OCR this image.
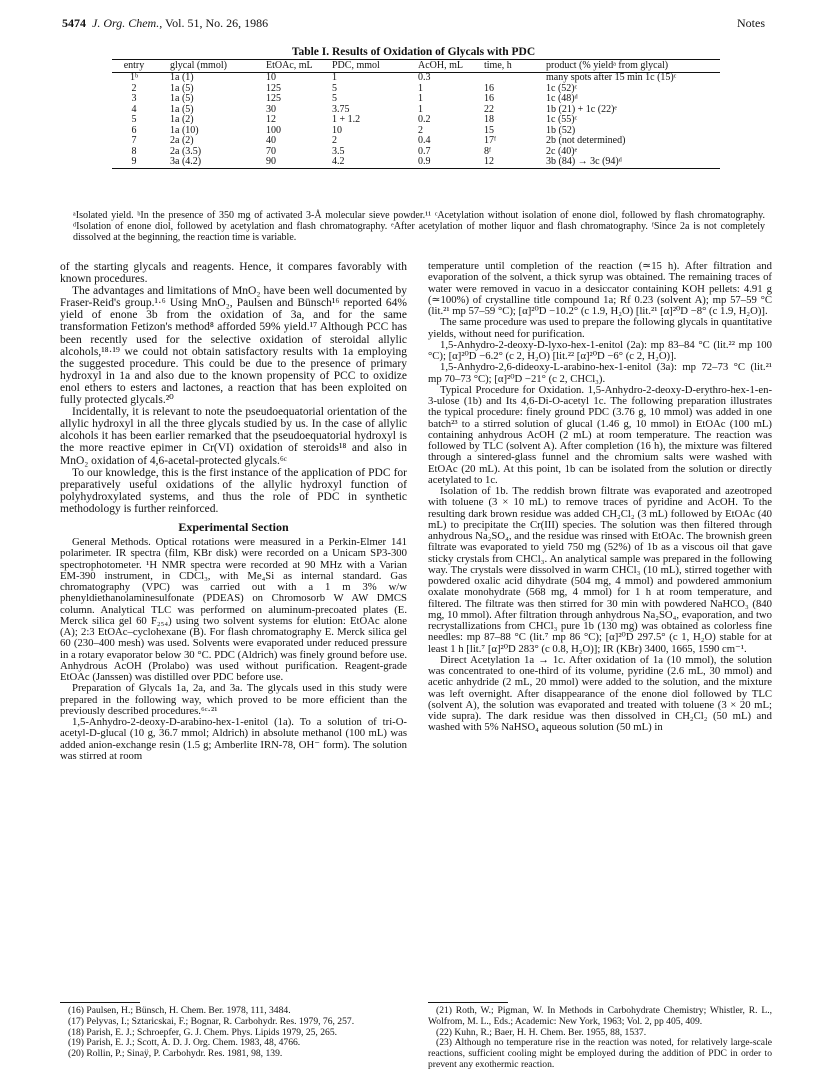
5474 J. Org. Chem., Vol. 51, No. 26, 1986	Notes
Table I. Results of Oxidation of Glycals with PDC
entry	glycal (mmol)	EtOAc, mL	PDC, mmol	AcOH, mL	time, h	product (% yieldᵃ from glycal)
1ᵇ	1a (1)	10	1	0.3		many spots after 15 min 1c (15)ᶜ
2	1a (5)	125	5	1	16	1c (52)ᶜ
3	1a (5)	125	5	1	16	1c (48)ᵈ
4	1a (5)	30	3.75	1	22	1b (21) + 1c (22)ᵉ
5	1a (2)	12	1 + 1.2	0.2	18	1c (55)ᶜ
6	1a (10)	100	10	2	15	1b (52)
7	2a (2)	40	2	0.4	17ᶠ	2b (not determined)
8	2a (3.5)	70	3.5	0.7	8ᶠ	2c (40)ᵉ
9	3a (4.2)	90	4.2	0.9	12	3b (84) → 3c (94)ᵈ
ᵃIsolated yield. ᵇIn the presence of 350 mg of activated 3-Å molecular sieve powder.¹¹ ᶜAcetylation without isolation of enone diol, followed by flash chromatography. ᵈIsolation of enone diol, followed by acetylation and flash chromatography. ᵉAfter acetylation of mother liquor and flash chromatography. ᶠSince 2a is not completely dissolved at the beginning, the reaction time is variable.

of the starting glycals and reagents. Hence, it compares favorably with known procedures.

The advantages and limitations of MnO₂ have been well documented by Fraser-Reid's group.¹·⁶ Using MnO₂, Paulsen and Bünsch¹⁶ reported 64% yield of enone 3b from the oxidation of 3a, and for the same transformation Fetizon's method⁸ afforded 59% yield.¹⁷ Although PCC has been recently used for the selective oxidation of steroidal allylic alcohols,¹⁸·¹⁹ we could not obtain satisfactory results with 1a employing the suggested procedure. This could be due to the presence of primary hydroxyl in 1a and also due to the known propensity of PCC to oxidize enol ethers to esters and lactones, a reaction that has been exploited on fully protected glycals.²⁰

Incidentally, it is relevant to note the pseudoequatorial orientation of the allylic hydroxyl in all the three glycals studied by us. In the case of allylic alcohols it has been earlier remarked that the pseudoequatorial hydroxyl is the more reactive epimer in Cr(VI) oxidation of steroids¹⁸ and also in MnO₂ oxidation of 4,6-acetal-protected glycals.⁶ᶜ

To our knowledge, this is the first instance of the application of PDC for preparatively useful oxidations of the allylic hydroxyl function of polyhydroxylated systems, and thus the role of PDC in synthetic methodology is further reinforced.

Experimental Section

General Methods. Optical rotations were measured in a Perkin-Elmer 141 polarimeter. IR spectra (film, KBr disk) were recorded on a Unicam SP3-300 spectrophotometer. ¹H NMR spectra were recorded at 90 MHz with a Varian EM-390 instrument, in CDCl₃, with Me₄Si as internal standard. Gas chromatography (VPC) was carried out with a 1 m 3% w/w phenyldiethanolaminesulfonate (PDEAS) on Chromosorb W AW DMCS column. Analytical TLC was performed on aluminum-precoated plates (E. Merck silica gel 60 F₂₅₄) using two solvent systems for elution: EtOAc alone (A); 2:3 EtOAc–cyclohexane (B). For flash chromatography E. Merck silica gel 60 (230–400 mesh) was used. Solvents were evaporated under reduced pressure in a rotary evaporator below 30 °C. PDC (Aldrich) was finely ground before use. Anhydrous AcOH (Prolabo) was used without purification. Reagent-grade EtOAc (Janssen) was distilled over PDC before use.

Preparation of Glycals 1a, 2a, and 3a. The glycals used in this study were prepared in the following way, which proved to be more efficient than the previously described procedures.⁶ᶜ·²¹

1,5-Anhydro-2-deoxy-D-arabino-hex-1-enitol (1a). To a solution of tri-O-acetyl-D-glucal (10 g, 36.7 mmol; Aldrich) in absolute methanol (100 mL) was added anion-exchange resin (1.5 g; Amberlite IRN-78, OH⁻ form). The solution was stirred at room

temperature until completion of the reaction (≃15 h). After filtration and evaporation of the solvent, a thick syrup was obtained. The remaining traces of water were removed in vacuo in a desiccator containing KOH pellets: 4.91 g (≃100%) of crystalline title compound 1a; Rf 0.23 (solvent A); mp 57–59 °C (lit.²¹ mp 57–59 °C); [α]²⁰D −10.2° (c 1.9, H₂O) [lit.²¹ [α]²⁰D −8° (c 1.9, H₂O)].

The same procedure was used to prepare the following glycals in quantitative yields, without need for purification.

1,5-Anhydro-2-deoxy-D-lyxo-hex-1-enitol (2a): mp 83–84 °C (lit.²² mp 100 °C); [α]²⁰D −6.2° (c 2, H₂O) [lit.²² [α]²⁰D −6° (c 2, H₂O)].

1,5-Anhydro-2,6-dideoxy-L-arabino-hex-1-enitol (3a): mp 72–73 °C (lit.²¹ mp 70–73 °C); [α]²⁰D −21° (c 2, CHCl₃).

Typical Procedure for Oxidation. 1,5-Anhydro-2-deoxy-D-erythro-hex-1-en-3-ulose (1b) and Its 4,6-Di-O-acetyl 1c. The following preparation illustrates the typical procedure: finely ground PDC (3.76 g, 10 mmol) was added in one batch²³ to a stirred solution of glucal (1.46 g, 10 mmol) in EtOAc (100 mL) containing anhydrous AcOH (2 mL) at room temperature. The reaction was followed by TLC (solvent A). After completion (16 h), the mixture was filtered through a sintered-glass funnel and the chromium salts were washed with EtOAc (20 mL). At this point, 1b can be isolated from the solution or directly acetylated to 1c.

Isolation of 1b. The reddish brown filtrate was evaporated and azeotroped with toluene (3 × 10 mL) to remove traces of pyridine and AcOH. To the resulting dark brown residue was added CH₂Cl₂ (3 mL) followed by EtOAc (40 mL) to precipitate the Cr(III) species. The solution was then filtered through anhydrous Na₂SO₄, and the residue was rinsed with EtOAc. The brownish green filtrate was evaporated to yield 750 mg (52%) of 1b as a viscous oil that gave sticky crystals from CHCl₃. An analytical sample was prepared in the following way. The crystals were dissolved in warm CHCl₃ (10 mL), stirred together with powdered oxalic acid dihydrate (504 mg, 4 mmol) and powdered ammonium oxalate monohydrate (568 mg, 4 mmol) for 1 h at room temperature, and filtered. The filtrate was then stirred for 30 min with powdered NaHCO₃ (840 mg, 10 mmol). After filtration through anhydrous Na₂SO₄, evaporation, and two recrystallizations from CHCl₃ pure 1b (130 mg) was obtained as colorless fine needles: mp 87–88 °C (lit.⁷ mp 86 °C); [α]²⁰D 297.5° (c 1, H₂O) stable for at least 1 h [lit.⁷ [α]²⁰D 283° (c 0.8, H₂O)]; IR (KBr) 3400, 1665, 1590 cm⁻¹.

Direct Acetylation 1a → 1c. After oxidation of 1a (10 mmol), the solution was concentrated to one-third of its volume, pyridine (2.6 mL, 30 mmol) and acetic anhydride (2 mL, 20 mmol) were added to the solution, and the mixture was left overnight. After disappearance of the enone diol followed by TLC (solvent A), the solution was evaporated and treated with toluene (3 × 20 mL; vide supra). The dark residue was then dissolved in CH₂Cl₂ (50 mL) and washed with 5% NaHSO₄ aqueous solution (50 mL) in

(16) Paulsen, H.; Bünsch, H. Chem. Ber. 1978, 111, 3484.

(17) Pelyvas, I.; Sztaricskai, F.; Bognar, R. Carbohydr. Res. 1979, 76, 257.

(18) Parish, E. J.; Schroepfer, G. J. Chem. Phys. Lipids 1979, 25, 265.

(19) Parish, E. J.; Scott, A. D. J. Org. Chem. 1983, 48, 4766.

(20) Rollin, P.; Sinaÿ, P. Carbohydr. Res. 1981, 98, 139.

(21) Roth, W.; Pigman, W. In Methods in Carbohydrate Chemistry; Whistler, R. L., Wolfrom, M. L., Eds.; Academic: New York, 1963; Vol. 2, pp 405, 409.

(22) Kuhn, R.; Baer, H. H. Chem. Ber. 1955, 88, 1537.

(23) Although no temperature rise in the reaction was noted, for relatively large-scale reactions, sufficient cooling might be employed during the addition of PDC in order to prevent any exothermic reaction.
